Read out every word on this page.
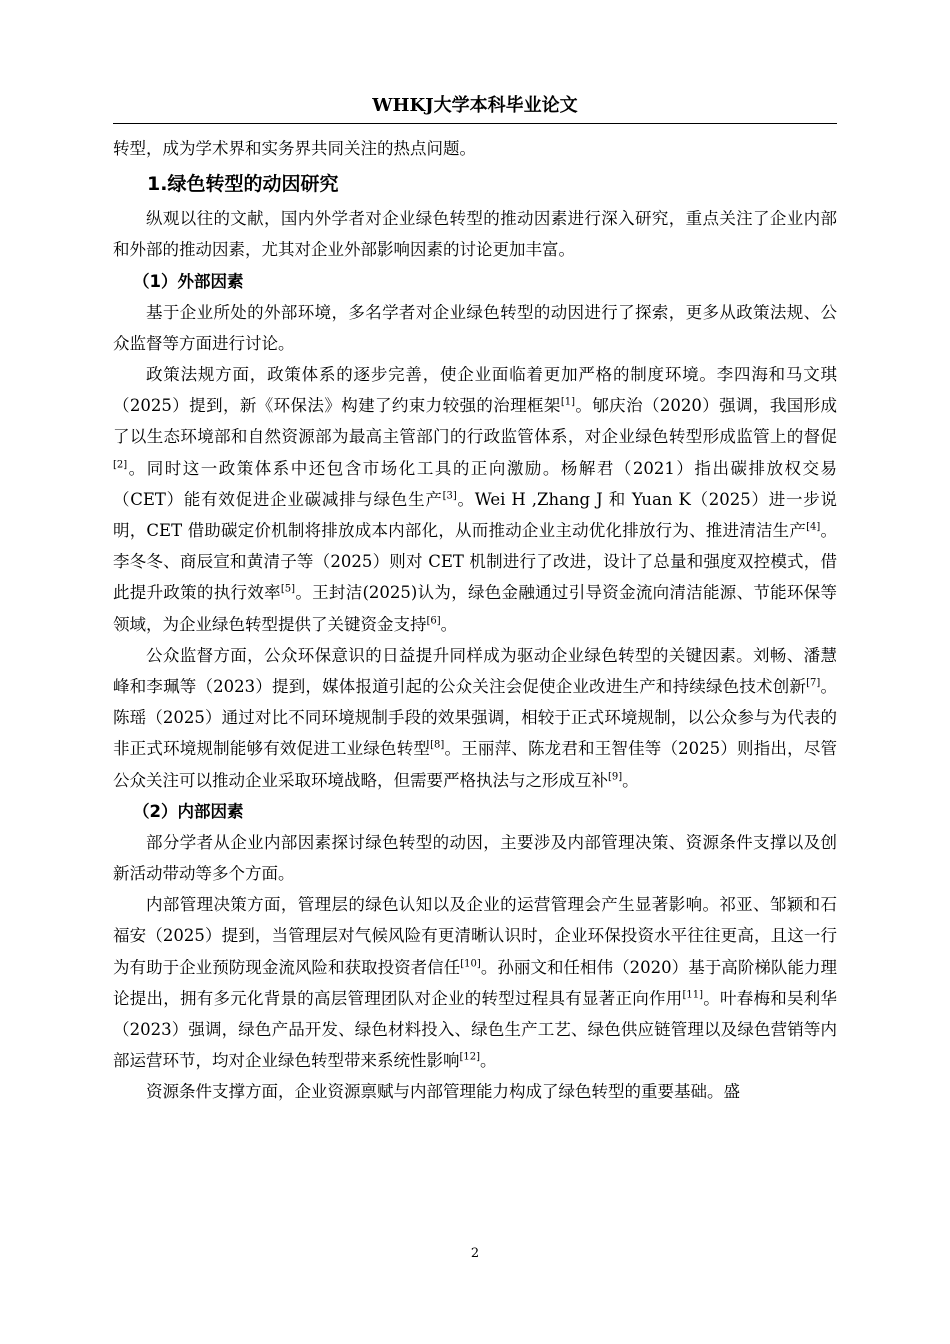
WHKJ大学本科毕业论文

转型，成为学术界和实务界共同关注的热点问题。

1.绿色转型的动因研究

纵观以往的文献，国内外学者对企业绿色转型的推动因素进行深入研究，重点关注了企业内部和外部的推动因素，尤其对企业外部影响因素的讨论更加丰富。

（1）外部因素

基于企业所处的外部环境，多名学者对企业绿色转型的动因进行了探索，更多从政策法规、公众监督等方面进行讨论。

政策法规方面，政策体系的逐步完善，使企业面临着更加严格的制度环境。李四海和马文琪（2025）提到，新《环保法》构建了约束力较强的治理框架[1]。郇庆治（2020）强调，我国形成了以生态环境部和自然资源部为最高主管部门的行政监管体系，对企业绿色转型形成监管上的督促[2]。同时这一政策体系中还包含市场化工具的正向激励。杨解君（2021）指出碳排放权交易（CET）能有效促进企业碳减排与绿色生产[3]。Wei H ,Zhang J 和 Yuan K（2025）进一步说明，CET 借助碳定价机制将排放成本内部化，从而推动企业主动优化排放行为、推进清洁生产[4]。李冬冬、商辰宣和黄清子等（2025）则对 CET 机制进行了改进，设计了总量和强度双控模式，借此提升政策的执行效率[5]。王封洁(2025)认为，绿色金融通过引导资金流向清洁能源、节能环保等领域，为企业绿色转型提供了关键资金支持[6]。

公众监督方面，公众环保意识的日益提升同样成为驱动企业绿色转型的关键因素。刘畅、潘慧峰和李珮等（2023）提到，媒体报道引起的公众关注会促使企业改进生产和持续绿色技术创新[7]。陈瑶（2025）通过对比不同环境规制手段的效果强调，相较于正式环境规制，以公众参与为代表的非正式环境规制能够有效促进工业绿色转型[8]。王丽萍、陈龙君和王智佳等（2025）则指出，尽管公众关注可以推动企业采取环境战略，但需要严格执法与之形成互补[9]。

（2）内部因素

部分学者从企业内部因素探讨绿色转型的动因，主要涉及内部管理决策、资源条件支撑以及创新活动带动等多个方面。

内部管理决策方面，管理层的绿色认知以及企业的运营管理会产生显著影响。祁亚、邹颖和石福安（2025）提到，当管理层对气候风险有更清晰认识时，企业环保投资水平往往更高，且这一行为有助于企业预防现金流风险和获取投资者信任[10]。孙丽文和任相伟（2020）基于高阶梯队能力理论提出，拥有多元化背景的高层管理团队对企业的转型过程具有显著正向作用[11]。叶春梅和吴利华（2023）强调，绿色产品开发、绿色材料投入、绿色生产工艺、绿色供应链管理以及绿色营销等内部运营环节，均对企业绿色转型带来系统性影响[12]。

资源条件支撑方面，企业资源禀赋与内部管理能力构成了绿色转型的重要基础。盛

2
